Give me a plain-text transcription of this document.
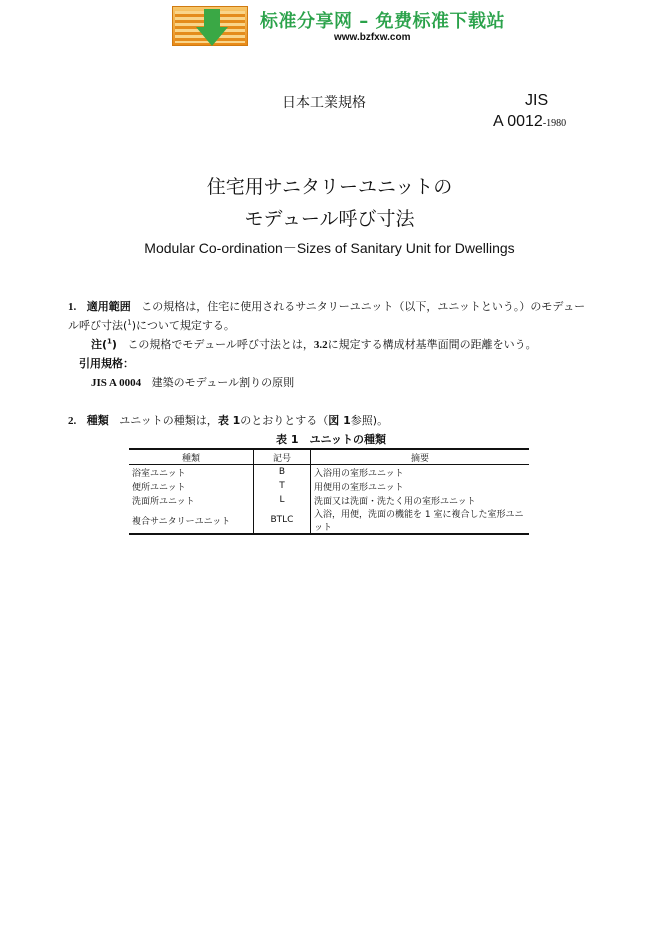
标准分享网 – 免费标准下载站
www.bzfxw.com
日本工業規格	JIS
A 0012-1980
住宅用サニタリーユニットの
モデュール呼び寸法
Modular Co-ordination－Sizes of Sanitary Unit for Dwellings
1. 適用範囲 この規格は，住宅に使用されるサニタリーユニット（以下，ユニットという。）のモデュー
ル呼び寸法($^1$)について規定する。
注($^1$) この規格でモデュール呼び寸法とは，3.2に規定する構成材基準面間の距離をいう。
引用規格：
JIS A 0004 建築のモデュール割りの原則
2. 種類 ユニットの種類は，表 1のとおりとする（図 1参照)。
表 1　ユニットの種類
種類	記号	摘要
浴室ユニット	B	入浴用の室形ユニット
便所ユニット	T	用便用の室形ユニット
洗面所ユニット	L	洗面又は洗面・洗たく用の室形ユニット
複合サニタリーユニット	BTLC	入浴，用便，洗面の機能を 1 室に複合した室形ユニット
